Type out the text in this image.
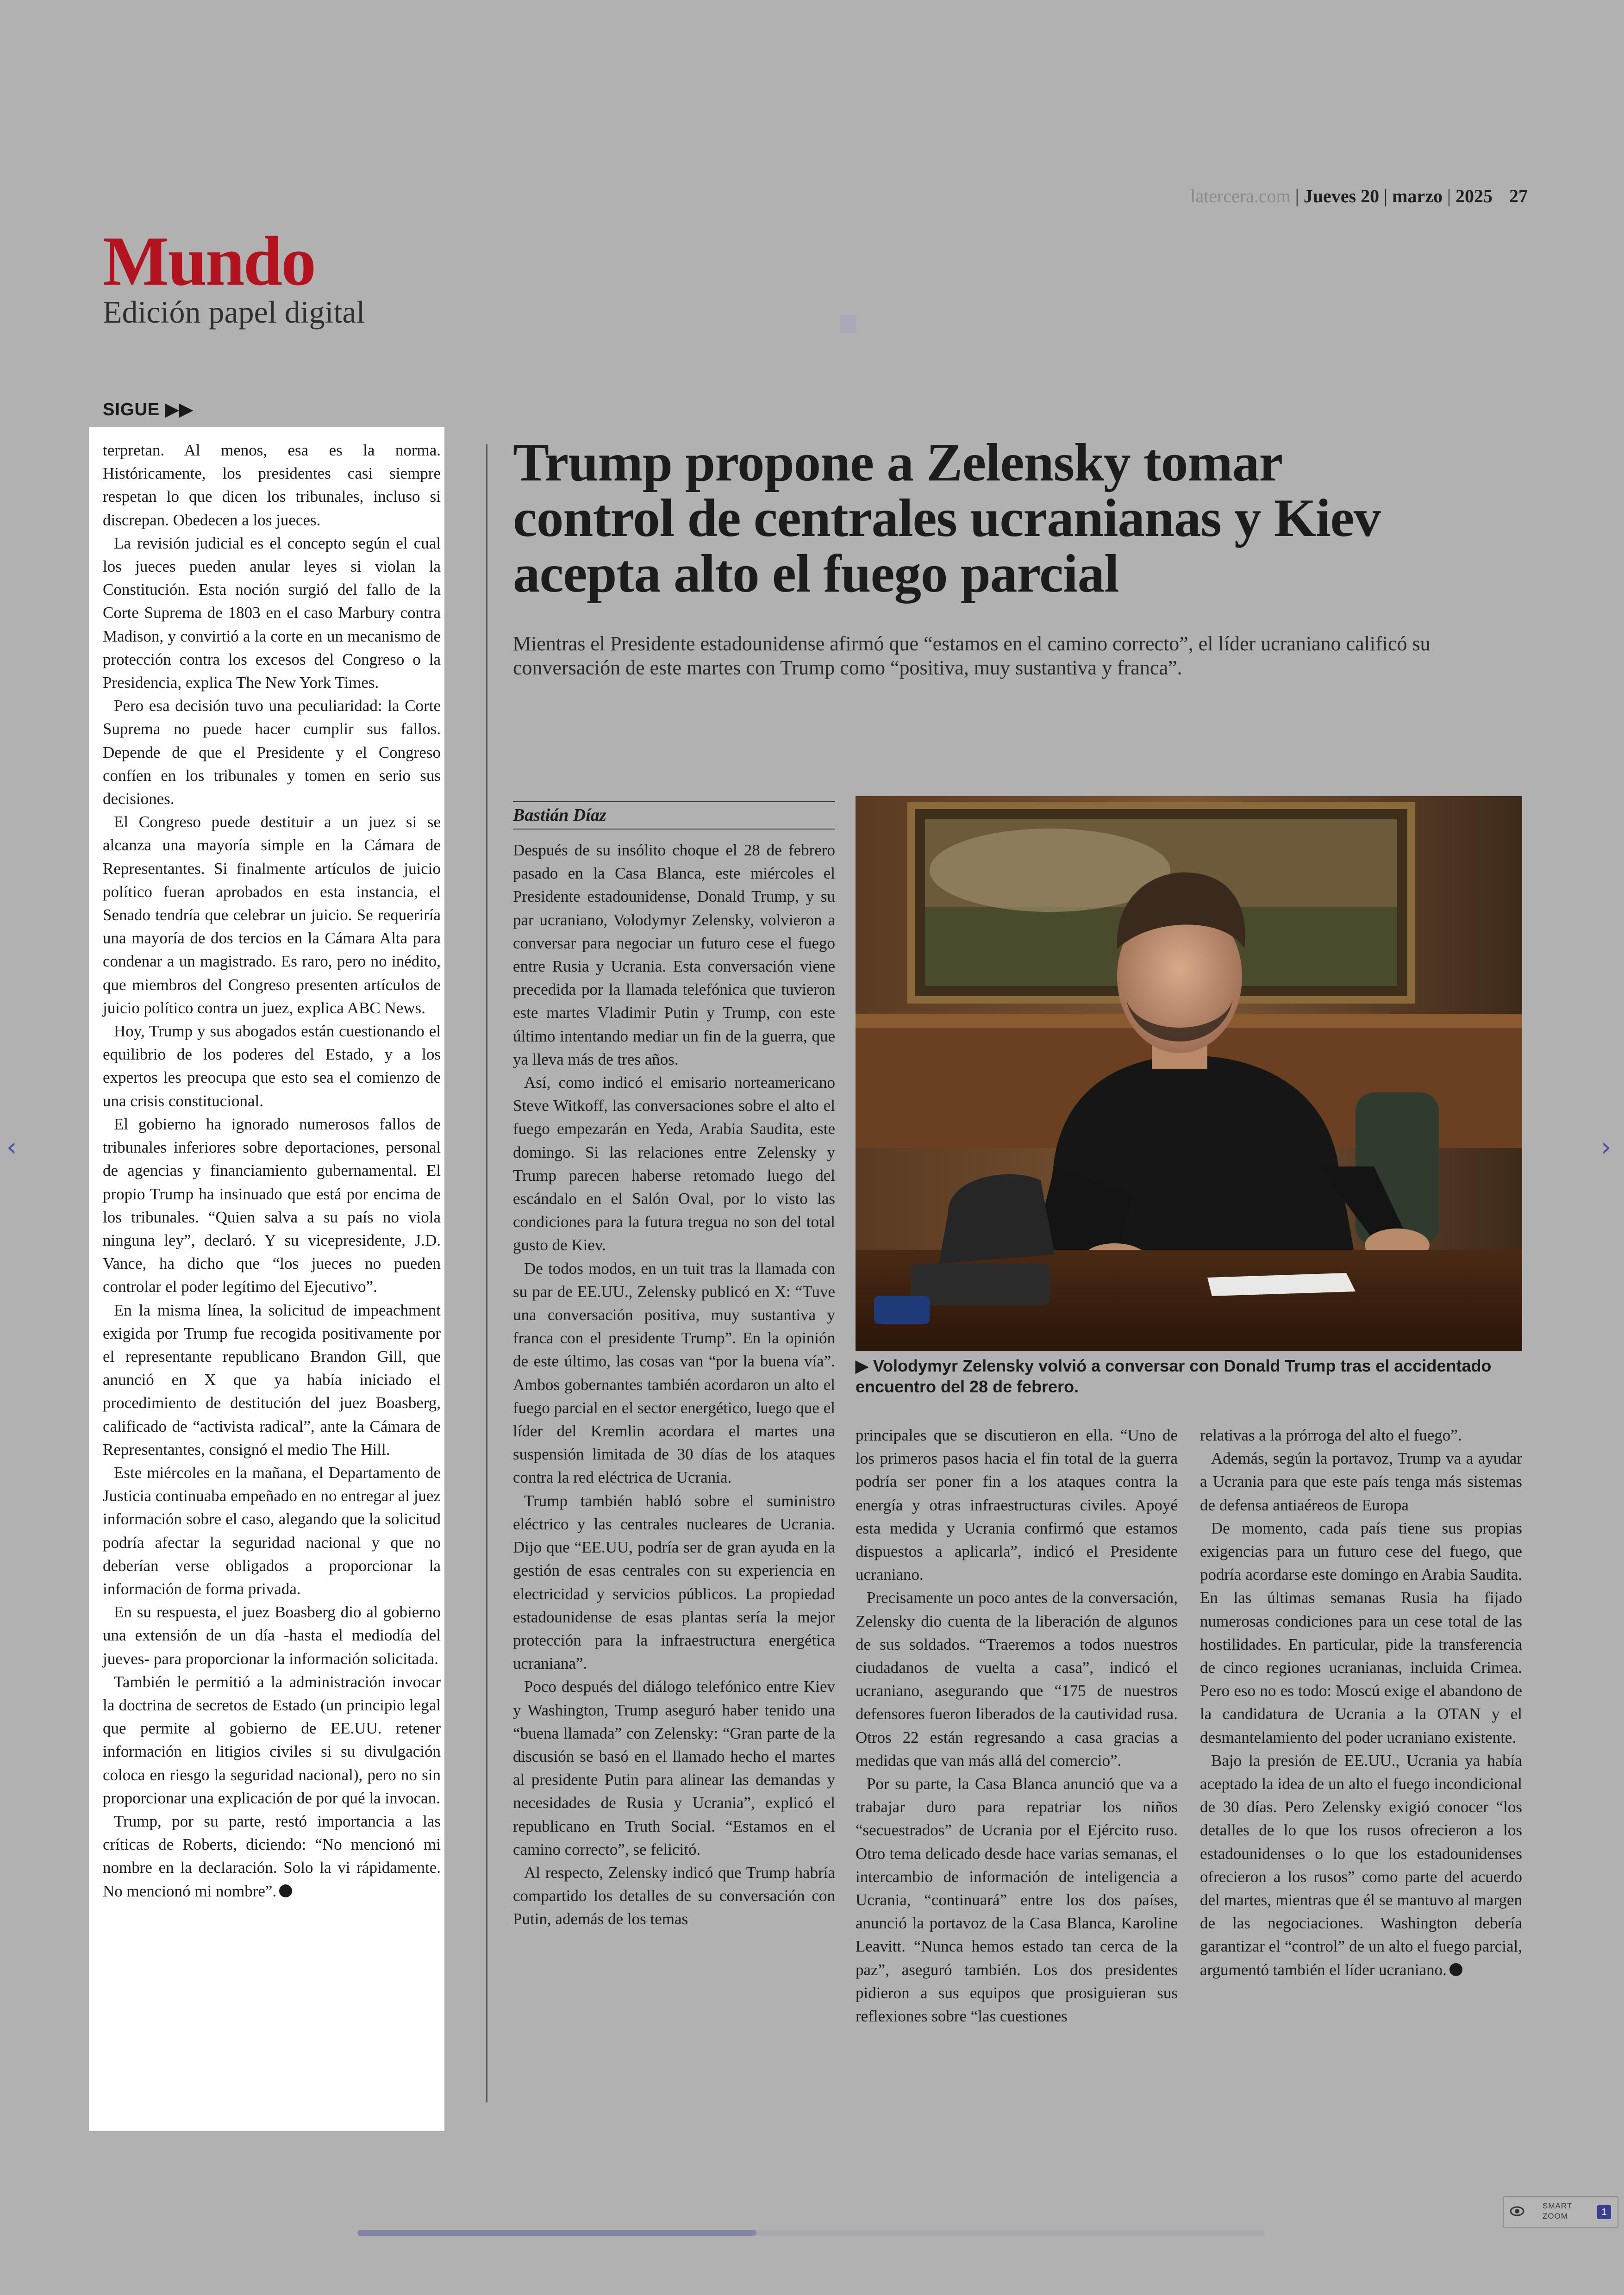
latercera.com | Jueves 20 | marzo | 2025 27
Mundo
Edición papel digital
SIGUE ▶▶

terpretan. Al menos, esa es la norma. Históricamente, los presidentes casi siempre respetan lo que dicen los tribunales, incluso si discrepan. Obedecen a los jueces.

La revisión judicial es el concepto según el cual los jueces pueden anular leyes si violan la Constitución. Esta noción surgió del fallo de la Corte Suprema de 1803 en el caso Marbury contra Madison, y convirtió a la corte en un mecanismo de protección contra los excesos del Congreso o la Presidencia, explica The New York Times.

Pero esa decisión tuvo una peculiaridad: la Corte Suprema no puede hacer cumplir sus fallos. Depende de que el Presidente y el Congreso confíen en los tribunales y tomen en serio sus decisiones.

El Congreso puede destituir a un juez si se alcanza una mayoría simple en la Cámara de Representantes. Si finalmente artículos de juicio político fueran aprobados en esta instancia, el Senado tendría que celebrar un juicio. Se requeriría una mayoría de dos tercios en la Cámara Alta para condenar a un magistrado. Es raro, pero no inédito, que miembros del Congreso presenten artículos de juicio político contra un juez, explica ABC News.

Hoy, Trump y sus abogados están cuestionando el equilibrio de los poderes del Estado, y a los expertos les preocupa que esto sea el comienzo de una crisis constitucional.

El gobierno ha ignorado numerosos fallos de tribunales inferiores sobre deportaciones, personal de agencias y financiamiento gubernamental. El propio Trump ha insinuado que está por encima de los tribunales. “Quien salva a su país no viola ninguna ley”, declaró. Y su vicepresidente, J.D. Vance, ha dicho que “los jueces no pueden controlar el poder legítimo del Ejecutivo”.

En la misma línea, la solicitud de impeachment exigida por Trump fue recogida positivamente por el representante republicano Brandon Gill, que anunció en X que ya había iniciado el procedimiento de destitución del juez Boasberg, calificado de “activista radical”, ante la Cámara de Representantes, consignó el medio The Hill.

Este miércoles en la mañana, el Departamento de Justicia continuaba empeñado en no entregar al juez información sobre el caso, alegando que la solicitud podría afectar la seguridad nacional y que no deberían verse obligados a proporcionar la información de forma privada.

En su respuesta, el juez Boasberg dio al gobierno una extensión de un día -hasta el mediodía del jueves- para proporcionar la información solicitada.

También le permitió a la administración invocar la doctrina de secretos de Estado (un principio legal que permite al gobierno de EE.UU. retener información en litigios civiles si su divulgación coloca en riesgo la seguridad nacional), pero no sin proporcionar una explicación de por qué la invocan.

Trump, por su parte, restó importancia a las críticas de Roberts, diciendo: “No mencionó mi nombre en la declaración. Solo la vi rápidamente. No mencionó mi nombre”.

Trump propone a Zelensky tomar control de centrales ucranianas y Kiev acepta alto el fuego parcial
Mientras el Presidente estadounidense afirmó que “estamos en el camino correcto”, el líder ucraniano calificó su conversación de este martes con Trump como “positiva, muy sustantiva y franca”.
Bastián Díaz

Después de su insólito choque el 28 de febrero pasado en la Casa Blanca, este miércoles el Presidente estadounidense, Donald Trump, y su par ucraniano, Volodymyr Zelensky, volvieron a conversar para negociar un futuro cese el fuego entre Rusia y Ucrania. Esta conversación viene precedida por la llamada telefónica que tuvieron este martes Vladimir Putin y Trump, con este último intentando mediar un fin de la guerra, que ya lleva más de tres años.

Así, como indicó el emisario norteamericano Steve Witkoff, las conversaciones sobre el alto el fuego empezarán en Yeda, Arabia Saudita, este domingo. Si las relaciones entre Zelensky y Trump parecen haberse retomado luego del escándalo en el Salón Oval, por lo visto las condiciones para la futura tregua no son del total gusto de Kiev.

De todos modos, en un tuit tras la llamada con su par de EE.UU., Zelensky publicó en X: “Tuve una conversación positiva, muy sustantiva y franca con el presidente Trump”. En la opinión de este último, las cosas van “por la buena vía”. Ambos gobernantes también acordaron un alto el fuego parcial en el sector energético, luego que el líder del Kremlin acordara el martes una suspensión limitada de 30 días de los ataques contra la red eléctrica de Ucrania.

Trump también habló sobre el suministro eléctrico y las centrales nucleares de Ucrania. Dijo que “EE.UU, podría ser de gran ayuda en la gestión de esas centrales con su experiencia en electricidad y servicios públicos. La propiedad estadounidense de esas plantas sería la mejor protección para la infraestructura energética ucraniana”.

Poco después del diálogo telefónico entre Kiev y Washington, Trump aseguró haber tenido una “buena llamada” con Zelensky: “Gran parte de la discusión se basó en el llamado hecho el martes al presidente Putin para alinear las demandas y necesidades de Rusia y Ucrania”, explicó el republicano en Truth Social. “Estamos en el camino correcto”, se felicitó.

Al respecto, Zelensky indicó que Trump habría compartido los detalles de su conversación con Putin, además de los temas

▶ Volodymyr Zelensky volvió a conversar con Donald Trump tras el accidentado encuentro del 28 de febrero.

principales que se discutieron en ella. “Uno de los primeros pasos hacia el fin total de la guerra podría ser poner fin a los ataques contra la energía y otras infraestructuras civiles. Apoyé esta medida y Ucrania confirmó que estamos dispuestos a aplicarla”, indicó el Presidente ucraniano.

Precisamente un poco antes de la conversación, Zelensky dio cuenta de la liberación de algunos de sus soldados. “Traeremos a todos nuestros ciudadanos de vuelta a casa”, indicó el ucraniano, asegurando que “175 de nuestros defensores fueron liberados de la cautividad rusa. Otros 22 están regresando a casa gracias a medidas que van más allá del comercio”.

Por su parte, la Casa Blanca anunció que va a trabajar duro para repatriar los niños “secuestrados” de Ucrania por el Ejército ruso. Otro tema delicado desde hace varias semanas, el intercambio de información de inteligencia a Ucrania, “continuará” entre los dos países, anunció la portavoz de la Casa Blanca, Karoline Leavitt. “Nunca hemos estado tan cerca de la paz”, aseguró también. Los dos presidentes pidieron a sus equipos que prosiguieran sus reflexiones sobre “las cuestiones

relativas a la prórroga del alto el fuego”.

Además, según la portavoz, Trump va a ayudar a Ucrania para que este país tenga más sistemas de defensa antiaéreos de Europa

De momento, cada país tiene sus propias exigencias para un futuro cese del fuego, que podría acordarse este domingo en Arabia Saudita. En las últimas semanas Rusia ha fijado numerosas condiciones para un cese total de las hostilidades. En particular, pide la transferencia de cinco regiones ucranianas, incluida Crimea. Pero eso no es todo: Moscú exige el abandono de la candidatura de Ucrania a la OTAN y el desmantelamiento del poder ucraniano existente.

Bajo la presión de EE.UU., Ucrania ya había aceptado la idea de un alto el fuego incondicional de 30 días. Pero Zelensky exigió conocer “los detalles de lo que los rusos ofrecieron a los estadounidenses o lo que los estadounidenses ofrecieron a los rusos” como parte del acuerdo del martes, mientras que él se mantuvo al margen de las negociaciones. Washington debería garantizar el “control” de un alto el fuego parcial, argumentó también el líder ucraniano.

‹	›
SMART
ZOOM	1
